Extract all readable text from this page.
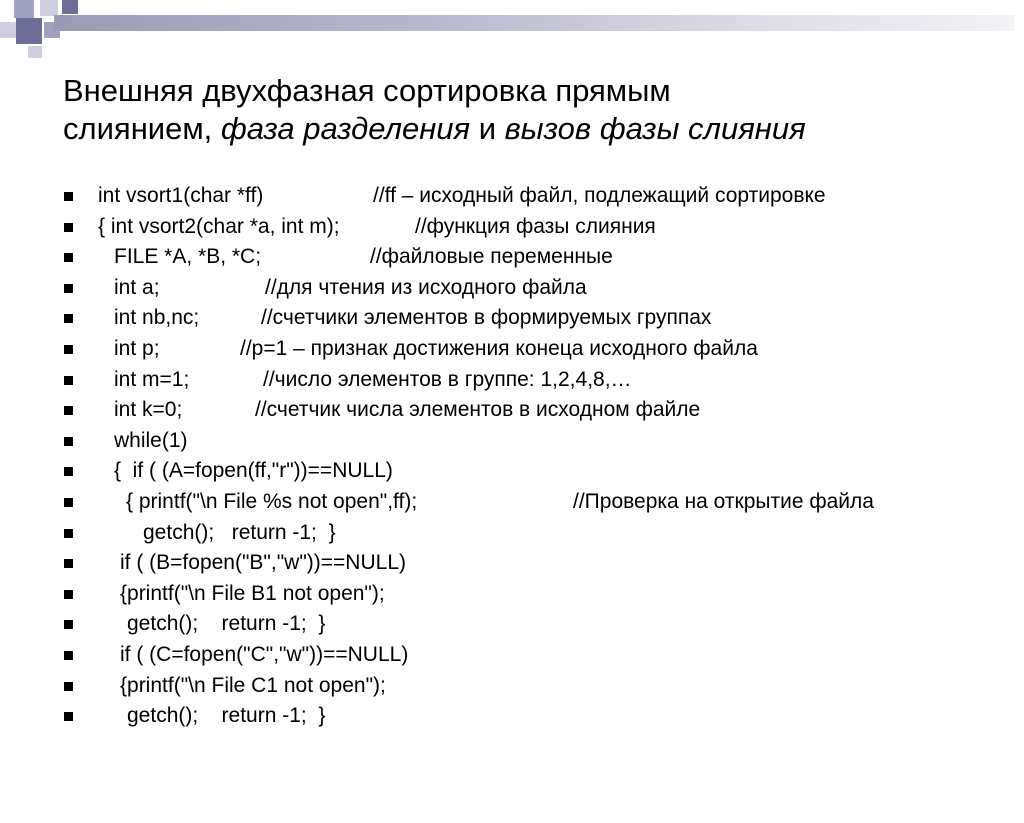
Внешняя двухфазная сортировка прямым
слиянием, фаза разделения и вызов фазы слияния

int vsort1(char *ff)

	//ff – исходный файл, подлежащий сортировке

{ int vsort2(char *a, int m);

	//функция фазы слияния

FILE *A, *B, *C;

	//файловые переменные

int a;

	//для чтения из исходного файла

int nb,nc;

	//счетчики элементов в формируемых группах

int p;

	//p=1 – признак достижения конеца исходного файла

int m=1;

	//число элементов в группе: 1,2,4,8,…

int k=0;

	//счетчик числа элементов в исходном файле

while(1)

{  if ( (A=fopen(ff,"r"))==NULL)

{ printf("\n File %s not open",ff);

	//Проверка на открытие файла

getch();   return -1;  }

if ( (B=fopen("B","w"))==NULL)

{printf("\n File B1 not open");

getch();    return -1;  }

if ( (C=fopen("C","w"))==NULL)

{printf("\n File C1 not open");

getch();    return -1;  }
